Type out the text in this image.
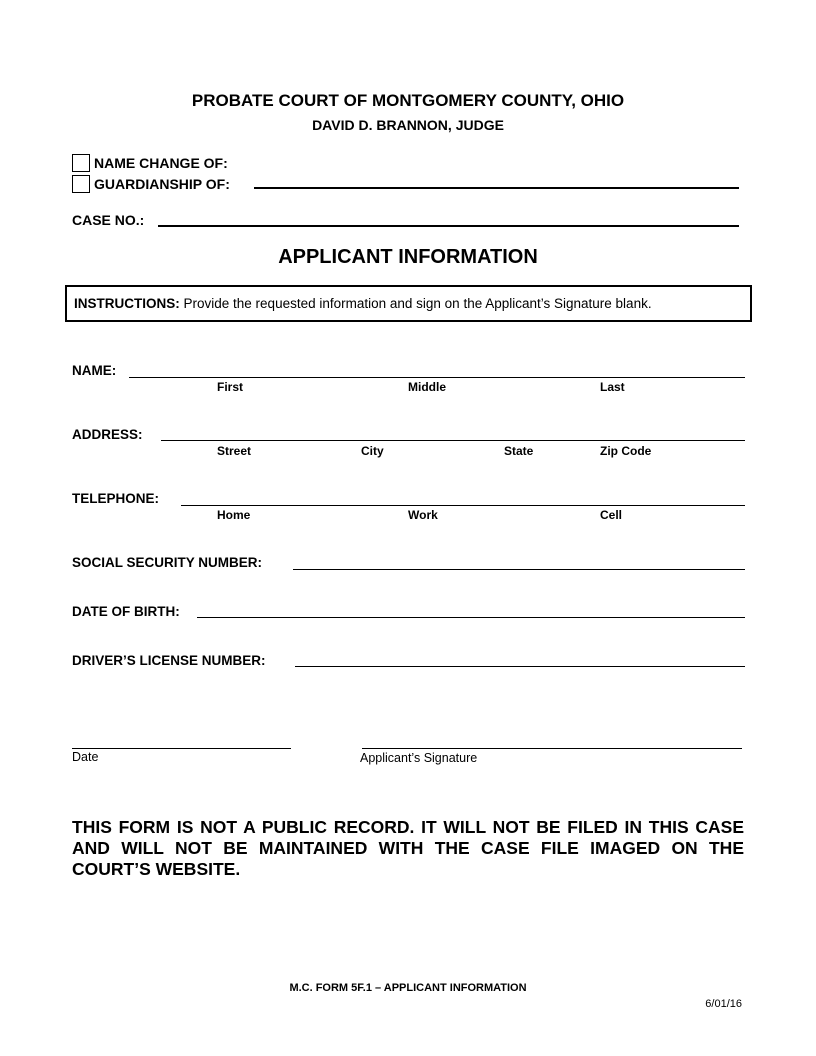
PROBATE COURT OF MONTGOMERY COUNTY, OHIO
DAVID D. BRANNON, JUDGE
NAME CHANGE OF:
GUARDIANSHIP OF:
CASE NO.:
APPLICANT INFORMATION
INSTRUCTIONS: Provide the requested information and sign on the Applicant’s Signature blank.
NAME:
First	Middle	Last
ADDRESS:
Street	City	State	Zip Code
TELEPHONE:
Home	Work	Cell
SOCIAL SECURITY NUMBER:
DATE OF BIRTH:
DRIVER’S LICENSE NUMBER:
Date	Applicant’s Signature
THIS FORM IS NOT A PUBLIC RECORD. IT WILL NOT BE FILED IN THIS CASE AND WILL NOT BE MAINTAINED WITH THE CASE FILE IMAGED ON THE COURT’S WEBSITE.
M.C. FORM 5F.1 – APPLICANT INFORMATION
6/01/16
